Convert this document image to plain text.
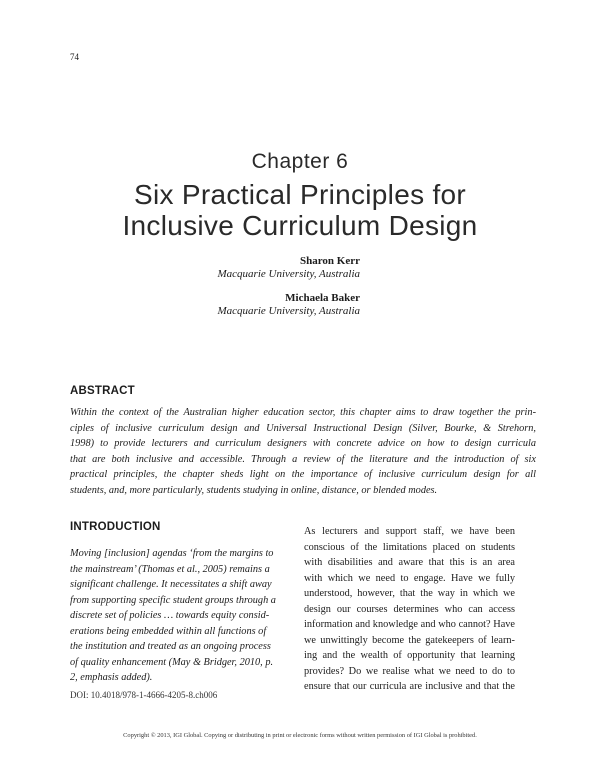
74
Chapter 6
Six Practical Principles for
Inclusive Curriculum Design
Sharon Kerr
Macquarie University, Australia
Michaela Baker
Macquarie University, Australia
ABSTRACT
Within the context of the Australian higher education sector, this chapter aims to draw together the prin-
ciples of inclusive curriculum design and Universal Instructional Design (Silver, Bourke, & Strehorn,
1998) to provide lecturers and curriculum designers with concrete advice on how to design curricula
that are both inclusive and accessible. Through a review of the literature and the introduction of six
practical principles, the chapter sheds light on the importance of inclusive curriculum design for all
students, and, more particularly, students studying in online, distance, or blended modes.
INTRODUCTION
Moving [inclusion] agendas ‘from the margins to
the mainstream’ (Thomas et al., 2005) remains a
significant challenge. It necessitates a shift away
from supporting specific student groups through a
discrete set of policies … towards equity consid-
erations being embedded within all functions of
the institution and treated as an ongoing process
of quality enhancement (May & Bridger, 2010, p.
2, emphasis added).
As lecturers and support staff, we have been
conscious of the limitations placed on students
with disabilities and aware that this is an area
with which we need to engage. Have we fully
understood, however, that the way in which we
design our courses determines who can access
information and knowledge and who cannot? Have
we unwittingly become the gatekeepers of learn-
ing and the wealth of opportunity that learning
provides? Do we realise what we need to do to
ensure that our curricula are inclusive and that the
DOI: 10.4018/978-1-4666-4205-8.ch006
Copyright © 2013, IGI Global. Copying or distributing in print or electronic forms without written permission of IGI Global is prohibited.
